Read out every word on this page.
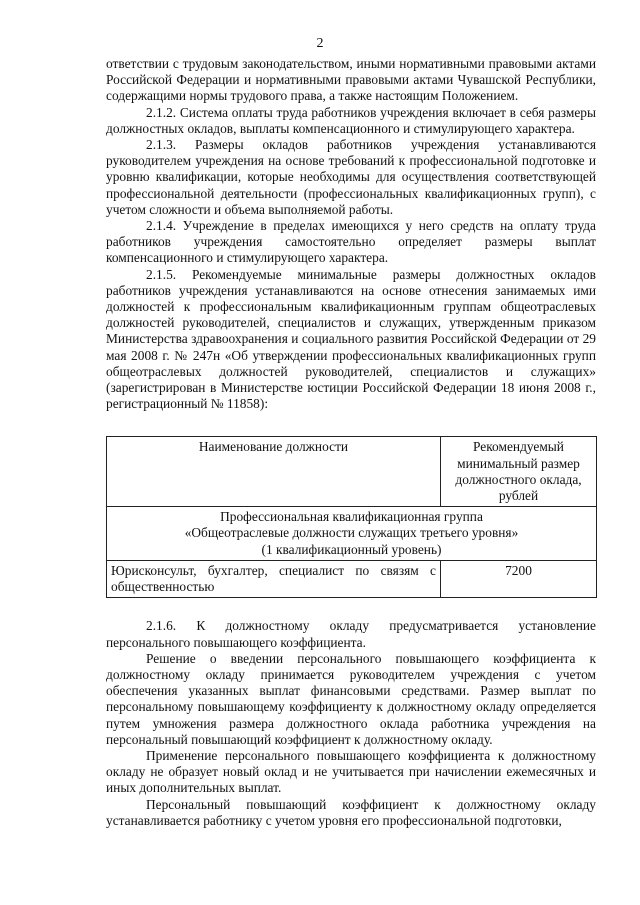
2

ответствии с трудовым законодательством, иными нормативными правовыми актами Российской Федерации и нормативными правовыми актами Чувашской Республики, содержащими нормы трудового права, а также настоящим Положением.

2.1.2. Система оплаты труда работников учреждения включает в себя размеры должностных окладов, выплаты компенсационного и стимулирующего характера.

2.1.3. Размеры окладов работников учреждения устанавливаются руководителем учреждения на основе требований к профессиональной подготовке и уровню квалификации, которые необходимы для осуществления соответствующей профессиональной деятельности (профессиональных квалификационных групп), с учетом сложности и объема выполняемой работы.

2.1.4. Учреждение в пределах имеющихся у него средств на оплату труда работников учреждения самостоятельно определяет размеры выплат компенсационного и стимулирующего характера.

2.1.5. Рекомендуемые минимальные размеры должностных окладов работников учреждения устанавливаются на основе отнесения занимаемых ими должностей к профессиональным квалификационным группам общеотраслевых должностей руководителей, специалистов и служащих, утвержденным приказом Министерства здравоохранения и социального развития Российской Федерации от 29 мая 2008 г. № 247н «Об утверждении профессиональных квалификационных групп общеотраслевых должностей руководителей, специалистов и служащих» (зарегистрирован в Министерстве юстиции Российской Федерации 18 июня 2008 г., регистрационный № 11858):

Наименование должности	Рекомендуемый минимальный размер должностного оклада, рублей

Профессиональная квалификационная группа
«Общеотраслевые должности служащих третьего уровня»
(1 квалификационный уровень)	

Юрисконсульт, бухгалтер, специалист по связям с общественностью	7200

2.1.6. К должностному окладу предусматривается установление персонального повышающего коэффициента.

Решение о введении персонального повышающего коэффициента к должностному окладу принимается руководителем учреждения с учетом обеспечения указанных выплат финансовыми средствами. Размер выплат по персональному повышающему коэффициенту к должностному окладу определяется путем умножения размера должностного оклада работника учреждения на персональный повышающий коэффициент к должностному окладу.

Применение персонального повышающего коэффициента к должностному окладу не образует новый оклад и не учитывается при начислении ежемесячных и иных дополнительных выплат.

Персональный повышающий коэффициент к должностному окладу устанавливается работнику с учетом уровня его профессиональной подготовки,
